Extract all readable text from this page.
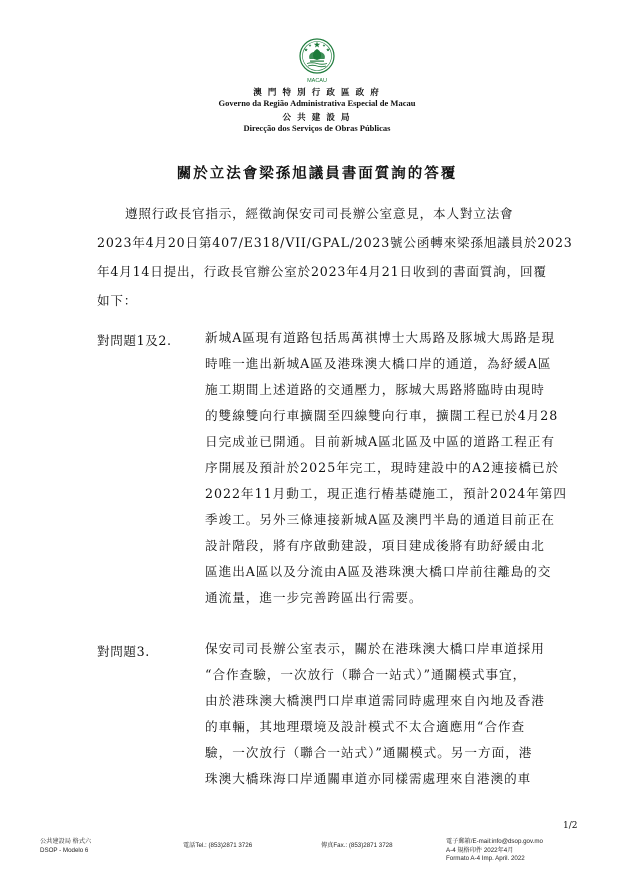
MACAU
澳 門 特 別 行 政 區 政 府
Governo da Região Administrativa Especial de Macau
公 共 建 設 局
Direcção dos Serviços de Obras Públicas
關於立法會梁孫旭議員書面質詢的答覆
遵照行政長官指示，經徵詢保安司司長辦公室意見，本人對立法會
2023年4月20日第407/E318/VII/GPAL/2023號公函轉來梁孫旭議員於2023
年4月14日提出，行政長官辦公室於2023年4月21日收到的書面質詢，回覆
如下：
對問題1及2.	新城A區現有道路包括馬萬祺博士大馬路及豚城大馬路是現
時唯一進出新城A區及港珠澳大橋口岸的通道，為紓緩A區
施工期間上述道路的交通壓力，豚城大馬路將臨時由現時
的雙線雙向行車擴闊至四線雙向行車，擴闊工程已於4月28
日完成並已開通。目前新城A區北區及中區的道路工程正有
序開展及預計於2025年完工，現時建設中的A2連接橋已於
2022年11月動工，現正進行樁基礎施工，預計2024年第四
季竣工。另外三條連接新城A區及澳門半島的通道目前正在
設計階段，將有序啟動建設，項目建成後將有助紓緩由北
區進出A區以及分流由A區及港珠澳大橋口岸前往離島的交
通流量，進一步完善跨區出行需要。
對問題3.	保安司司長辦公室表示，關於在港珠澳大橋口岸車道採用
“合作查驗，一次放行（聯合一站式）”通關模式事宜，
由於港珠澳大橋澳門口岸車道需同時處理來自內地及香港
的車輛，其地理環境及設計模式不太合適應用“合作查
驗，一次放行（聯合一站式）”通關模式。另一方面，港
珠澳大橋珠海口岸通關車道亦同樣需處理來自港澳的車
1/2
公共建設局 格式六
DSOP - Modelo 6
電話Tel.: (853)2871 3726	傳真Fax.: (853)2871 3728
電子郵箱/E-mail:info@dsop.gov.mo
A-4 規格印件 2022年4月
Formato A-4 Imp. April. 2022
